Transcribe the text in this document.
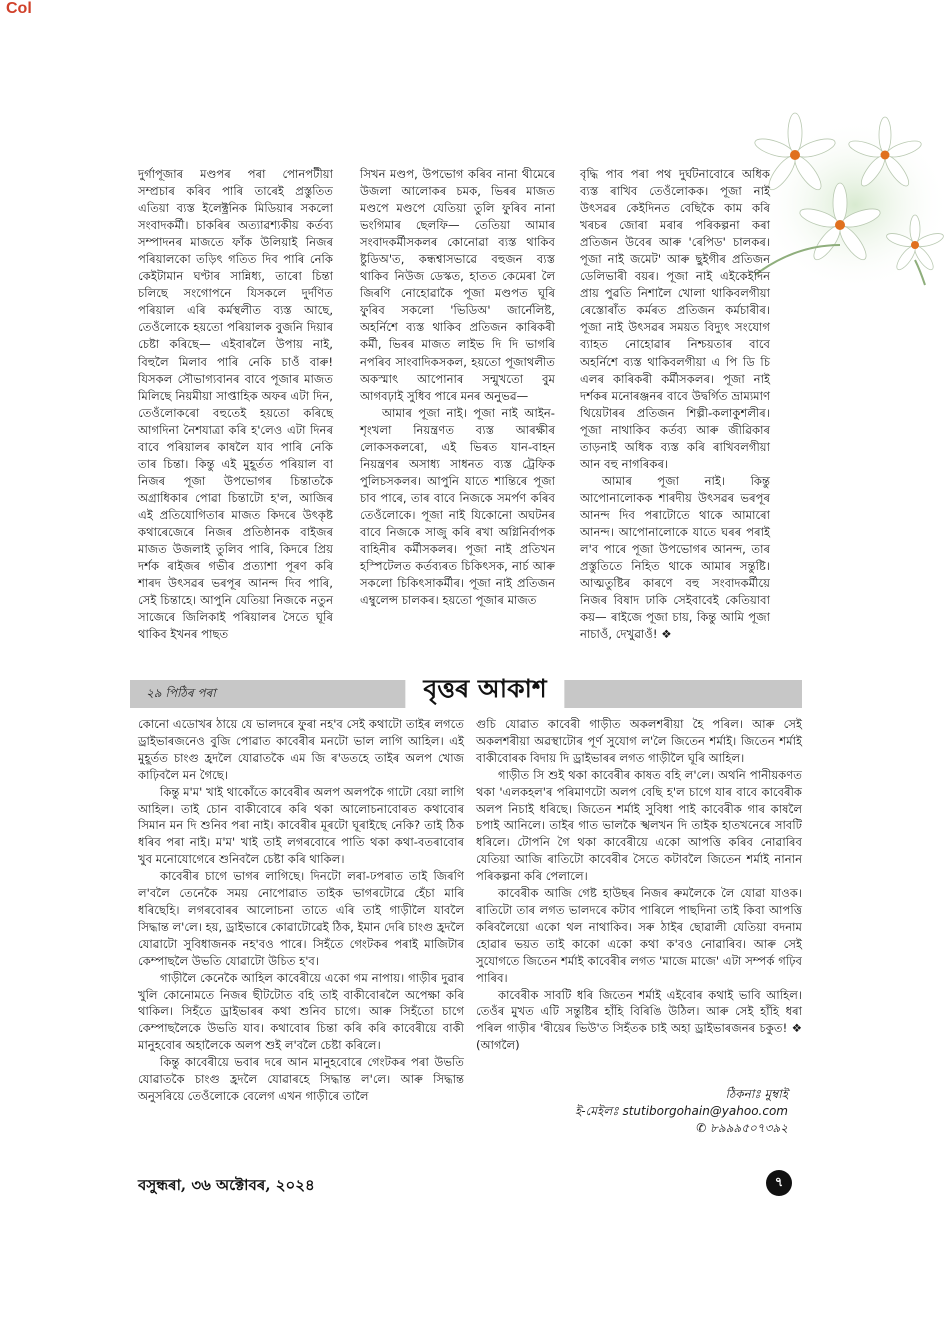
Col

দুৰ্গাপূজাৰ মণ্ডপৰ পৰা পোনপটীয়া সম্প্ৰচাৰ কৰিব পাৰি তাৰেই প্ৰস্তুতিত এতিয়া ব্যস্ত ইলেক্ট্ৰনিক মিডিয়াৰ সকলো সংবাদকৰ্মী। চাকৰিৰ অত্যাৱশ্যকীয় কৰ্তব্য সম্পাদনৰ মাজতে ফাঁক উলিয়াই নিজৰ পৰিয়ালকো তড়িৎ গতিত দিব পাৰি নেকি কেইটামান ঘণ্টাৰ সান্নিধ্য, তাৰো চিন্তা চলিছে সংগোপনে যিসকলে দুৰ্দণিত পৰিয়াল এৰি কৰ্মস্থলীত ব্যস্ত আছে, তেওঁলোকে হয়তো পৰিয়ালক বুজনি দিয়াৰ চেষ্টা কৰিছে— এইবাৰলৈ উপায় নাই, বিহুলৈ মিলাব পাৰি নেকি চাওঁ বাৰু! যিসকল সৌভাগ্যবানৰ বাবে পূজাৰ মাজত মিলিছে নিয়মীয়া সাপ্তাহিক অফৰ এটা দিন, তেওঁলোকৰো বহুতেই হয়তো কৰিছে আগদিনা নৈশযাত্ৰা কৰি হ'লেও এটা দিনৰ বাবে পৰিয়ালৰ কাষলৈ যাব পাৰি নেকি তাৰ চিন্তা। কিন্তু এই মুহূৰ্তত পৰিয়াল বা নিজৰ পূজা উপভোগৰ চিন্তাতকৈ অগ্ৰাধিকাৰ পোৱা চিন্তাটো হ'ল, আজিৰ এই প্ৰতিযোগিতাৰ মাজত কিদৰে উৎকৃষ্ট কথাৰেজেৰে নিজৰ প্ৰতিষ্ঠানক বাইজৰ মাজত উজলাই তুলিব পাৰি, কিদৰে প্ৰিয় দৰ্শক ৰাইজৰ গভীৰ প্ৰত্যাশা পূৰণ কৰি শাৰদ উৎসৱৰ ভৰপূৰ আনন্দ দিব পাৰি, সেই চিন্তাহে। আপুনি যেতিয়া নিজকে নতুন সাজেৰে জিলিকাই পৰিয়ালৰ সৈতে ঘূৰি থাকিব ইখনৰ পাছত

সিখন মণ্ডপ, উপভোগ কৰিব নানা থীমেৰে উজলা আলোকৰ চমক, ভিৰৰ মাজত মণ্ডপে মণ্ডপে যেতিয়া তুলি ফুৰিব নানা ভংগিমাৰ ছেলফি— তেতিয়া আমাৰ সংবাদকৰ্মীসকলৰ কোনোৱা ব্যস্ত থাকিব ষ্টুডিঅ'ত, কন্ধশ্বাসভাৱে বহুজন ব্যস্ত থাকিব নিউজ ডেস্কত, হাতত কেমেৰা লৈ জিৰণি নোহোৱাকৈ পূজা মণ্ডপত ঘূৰি ফুৰিব সকলো 'ভিডিঅ' জাৰ্নেলিষ্ট, অহৰ্নিশে ব্যস্ত থাকিব প্ৰতিজন কাৰিকৰী কৰ্মী, ভিৰৰ মাজত লাইভ দি দি ভাগৰি নপৰিব সাংবাদিকসকল, হয়তো পূজাথলীত অকস্মাৎ আপোনাৰ সন্মুখতো বুম আগবঢ়াই সুধিব পাৰে মনৰ অনুভৱ—

আমাৰ পূজা নাই। পূজা নাই আইন-শৃংখলা নিয়ন্ত্ৰণত ব্যস্ত আৰক্ষীৰ লোকসকলৰো, এই ভিৰত যান-বাহন নিয়ন্ত্ৰণৰ অসাধ্য সাধনত ব্যস্ত ট্ৰেফিক পুলিচসকলৰ। আপুনি যাতে শান্তিৰে পূজা চাব পাৰে, তাৰ বাবে নিজকে সমৰ্পণ কৰিব তেওঁলোকে। পূজা নাই যিকোনো অঘটনৰ বাবে নিজকে সাজু কৰি ৰখা অগ্নিনিৰ্বাপক বাহিনীৰ কৰ্মীসকলৰ। পূজা নাই প্ৰতিখন হস্পিটেলত কৰ্তব্যৰত চিকিৎসক, নাৰ্চ আৰু সকলো চিকিৎসাকৰ্মীৰ। পূজা নাই প্ৰতিজন এম্বুলেন্স চালকৰ। হয়তো পূজাৰ মাজত

বৃদ্ধি পাব পৰা পথ দুৰ্ঘটনাবোৰে অধিক ব্যস্ত ৰাখিব তেওঁলোকক। পূজা নাই উৎসৱৰ কেইদিনত বেছিকৈ কাম কৰি খৰচৰ জোৰা মৰাৰ পৰিকল্পনা কৰা প্ৰতিজন উবেৰ আৰু 'ৰেপিড' চালকৰ। পূজা নাই জমেট' আৰু ছুইগীৰ প্ৰতিজন ডেলিভাৰী বয়ৰ। পূজা নাই এইকেইদিন প্ৰায় পুৱতি নিশালৈ খোলা থাকিবলগীয়া ৰেস্তোৰাঁত কৰ্মৰত প্ৰতিজন কৰ্মচাৰীৰ। পূজা নাই উৎসৱৰ সময়ত বিদ্যুৎ সংযোগ ব্যাহত নোহোৱাৰ নিশ্চয়তাৰ বাবে অহৰ্নিশে ব্যস্ত থাকিবলগীয়া এ পি ডি চি এলৰ কাৰিকৰী কৰ্মীসকলৰ। পূজা নাই দৰ্শকৰ মনোৰঞ্জনৰ বাবে উদ্বৰ্গিত ভ্ৰাম্যমাণ থিয়েটাৰৰ প্ৰতিজন শিল্পী-কলাকুশলীৰ। পূজা নাথাকিব কৰ্তব্য আৰু জীৱিকাৰ তাড়নাই অধিক ব্যস্ত কৰি ৰাখিবলগীয়া আন বহু নাগৰিকৰ।

আমাৰ পূজা নাই। কিন্তু আপোনালোকক শাৰদীয় উৎসৱৰ ভৰপূৰ আনন্দ দিব পৰাটোতে থাকে আমাৰো আনন্দ। আপোনালোকে যাতে ঘৰৰ পৰাই ল'ব পাৰে পূজা উপভোগৰ আনন্দ, তাৰ প্ৰস্তুতিতে নিহিত থাকে আমাৰ সন্তুষ্টি। আত্মতুষ্টিৰ কাৰণে বহু সংবাদকৰ্মীয়ে নিজৰ বিষাদ ঢাকি সেইবাবেই কেতিয়াবা কয়— ৰাইজে পূজা চায়, কিন্তু আমি পূজা নাচাওঁ, দেখুৱাওঁ! ❖

২৯ পিঠিৰ পৰা	বৃত্তৰ আকাশ

কোনো এডোখৰ ঠায়ে যে ভালদৰে ফুৰা নহ'ব সেই কথাটো তাইৰ লগতে ড্ৰাইভাৰজনেও বুজি পোৱাত কাবেৰীৰ মনটো ভাল লাগি আহিল। এই মুহূৰ্তত চাংগু হ্ৰদলৈ যোৱাতকৈ এম জি ৰ'ডতহে তাইৰ অলপ খোজ কাঢ়িবলৈ মন গৈছে।

কিন্তু ম'ম' খাই থাকোঁতে কাবেৰীৰ অলপ অলপকৈ গাটো বেয়া লাগি আহিল। তাই চোন বাকীবোৰে কৰি থকা আলোচনাবোৰত কথাবোৰ সিমান মন দি শুনিব পৰা নাই। কাবেৰীৰ মূৰটো ঘূৰাইছে নেকি? তাই ঠিক ধৰিব পৰা নাই। ম'ম' খাই তাই লগৰবোৰে পাতি থকা কথা-বতৰাবোৰ খুব মনোযোগেৰে শুনিবলৈ চেষ্টা কৰি থাকিল।

কাবেৰীৰ চাগে ভাগৰ লাগিছে। দিনটো লৰা-ঢপৰাত তাই জিৰণি ল'বলৈ তেনেকৈ সময় নোপোৱাত তাইক ভাগৰটোৱে হেঁচা মাৰি ধৰিছেহি। লগৰবোৰৰ আলোচনা তাতে এৰি তাই গাড়ীলৈ যাবলৈ সিদ্ধান্ত ল'লে। হয়, ড্ৰাইভাৰে কোৱাটোৱেই ঠিক, ইমান দেৰি চাংগু হ্ৰদলৈ যোৱাটো সুবিধাজনক নহ'বও পাৰে। সিহঁতে গেংটকৰ পৰাই মাজিটাৰ কেম্পাছলৈ উভতি যোৱাটো উচিত হ'ব।

গাড়ীলৈ কেনেকৈ আহিল কাবেৰীয়ে একো গম নাপায়। গাড়ীৰ দুৱাৰ খুলি কোনোমতে নিজৰ ছীটটোত বহি তাই বাকীবোৰলৈ অপেক্ষা কৰি থাকিল। সিহঁতে ড্ৰাইভাৰৰ কথা শুনিব চাগে। আৰু সিহঁতো চাগে কেম্পাছলৈকে উভতি যাব। কথাবোৰ চিন্তা কৰি কৰি কাবেৰীয়ে বাকী মানুহবোৰ অহালৈকে অলপ শুই ল'বলৈ চেষ্টা কৰিলে।

কিন্তু কাবেৰীয়ে ভবাৰ দৰে আন মানুহবোৰে গেংটকৰ পৰা উভতি যোৱাতকৈ চাংগু হ্ৰদলৈ যোৱাৰহে সিদ্ধান্ত ল'লে। আৰু সিদ্ধান্ত অনুসৰিয়ে তেওঁলোকে বেলেগ এখন গাড়ীৰে তালৈ

গুচি যোৱাত কাবেৰী গাড়ীত অকলশৰীয়া হৈ পৰিল। আৰু সেই অকলশৰীয়া অৱস্থাটোৰ পূৰ্ণ সুযোগ ল'লৈ জিতেন শৰ্মাই। জিতেন শৰ্মাই বাকীবোৰক বিদায় দি ড্ৰাইভাৰৰ লগত গাড়ীলৈ ঘূৰি আহিল।

গাড়ীত সি শুই থকা কাবেৰীৰ কাষত বহি ল'লে। অথনি পানীয়কণত থকা 'এলকহল'ৰ পৰিমাণটো অলপ বেছি হ'ল চাগে যাৰ বাবে কাবেৰীক অলপ নিচাই ধৰিছে। জিতেন শৰ্মাই সুবিধা পাই কাবেৰীক গাৰ কাষলৈ চপাই আনিলে। তাইৰ গাত ভালকৈ স্খলখন দি তাইক হাতখনেৰে সাবটি ধৰিলে। টোপনি গৈ থকা কাবেৰীয়ে একো আপত্তি কৰিব নোৱাৰিব যেতিয়া আজি ৰাতিটো কাবেৰীৰ সৈতে কটাবলৈ জিতেন শৰ্মাই নানান পৰিকল্পনা কৰি পেলালে।

কাবেৰীক আজি গেষ্ট হাউছৰ নিজৰ ৰুমলৈকে লৈ যোৱা যাওক। ৰাতিটো তাৰ লগত ভালদৰে কটাব পাৰিলে পাছদিনা তাই কিবা আপত্তি কৰিবলৈয়ো একো থল নাথাকিব। সৰু ঠাইৰ ছোৱালী যেতিয়া বদনাম হোৱাৰ ভয়ত তাই কাকো একো কথা ক'বও নোৱাৰিব। আৰু সেই সুযোগতে জিতেন শৰ্মাই কাবেৰীৰ লগত 'মাজে মাজে' এটা সম্পৰ্ক গঢ়িব পাৰিব।

কাবেৰীক সাবটি ধৰি জিতেন শৰ্মাই এইবোৰ কথাই ভাবি আহিল। তেওঁৰ মুখত এটি সন্তুষ্টিৰ হাঁহি বিৰিঙি উঠিল। আৰু সেই হাঁহি ধৰা পৰিল গাড়ীৰ 'ৰীয়েৰ ভিউ'ত সিহঁতক চাই অহা ড্ৰাইভাৰজনৰ চকুত! ❖ (আগলৈ)

ঠিকনাঃ মুম্বাই
ই-মেইলঃ stutiborgohain@yahoo.com
✆ ৮৯৯৯৫০৭৩৯২
বসুন্ধৰা, ৩৬ অক্টোবৰ, ২০২৪	৭
